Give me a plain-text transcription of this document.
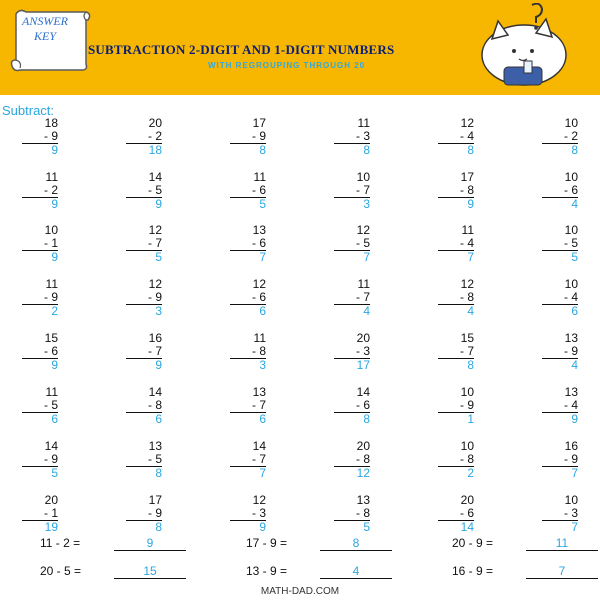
ANSWER
KEY
SUBTRACTION 2-DIGIT AND 1-DIGIT NUMBERS
WITH REGROUPING THROUGH 20
Subtract:
18
- 9
9
20
- 2
18
17
- 9
8
11
- 3
8
12
- 4
8
10
- 2
8
11
- 2
9
14
- 5
9
11
- 6
5
10
- 7
3
17
- 8
9
10
- 6
4
10
- 1
9
12
- 7
5
13
- 6
7
12
- 5
7
11
- 4
7
10
- 5
5
11
- 9
2
12
- 9
3
12
- 6
6
11
- 7
4
12
- 8
4
10
- 4
6
15
- 6
9
16
- 7
9
11
- 8
3
20
- 3
17
15
- 7
8
13
- 9
4
11
- 5
6
14
- 8
6
13
- 7
6
14
- 6
8
10
- 9
1
13
- 4
9
14
- 9
5
13
- 5
8
14
- 7
7
20
- 8
12
10
- 8
2
16
- 9
7
20
- 1
19
17
- 9
8
12
- 3
9
13
- 8
5
20
- 6
14
10
- 3
7
11 - 2 =	9	17 - 9 =	8	20 - 9 =	11
20 - 5 =	15	13 - 9 =	4	16 - 9 =	7
MATH-DAD.COM
